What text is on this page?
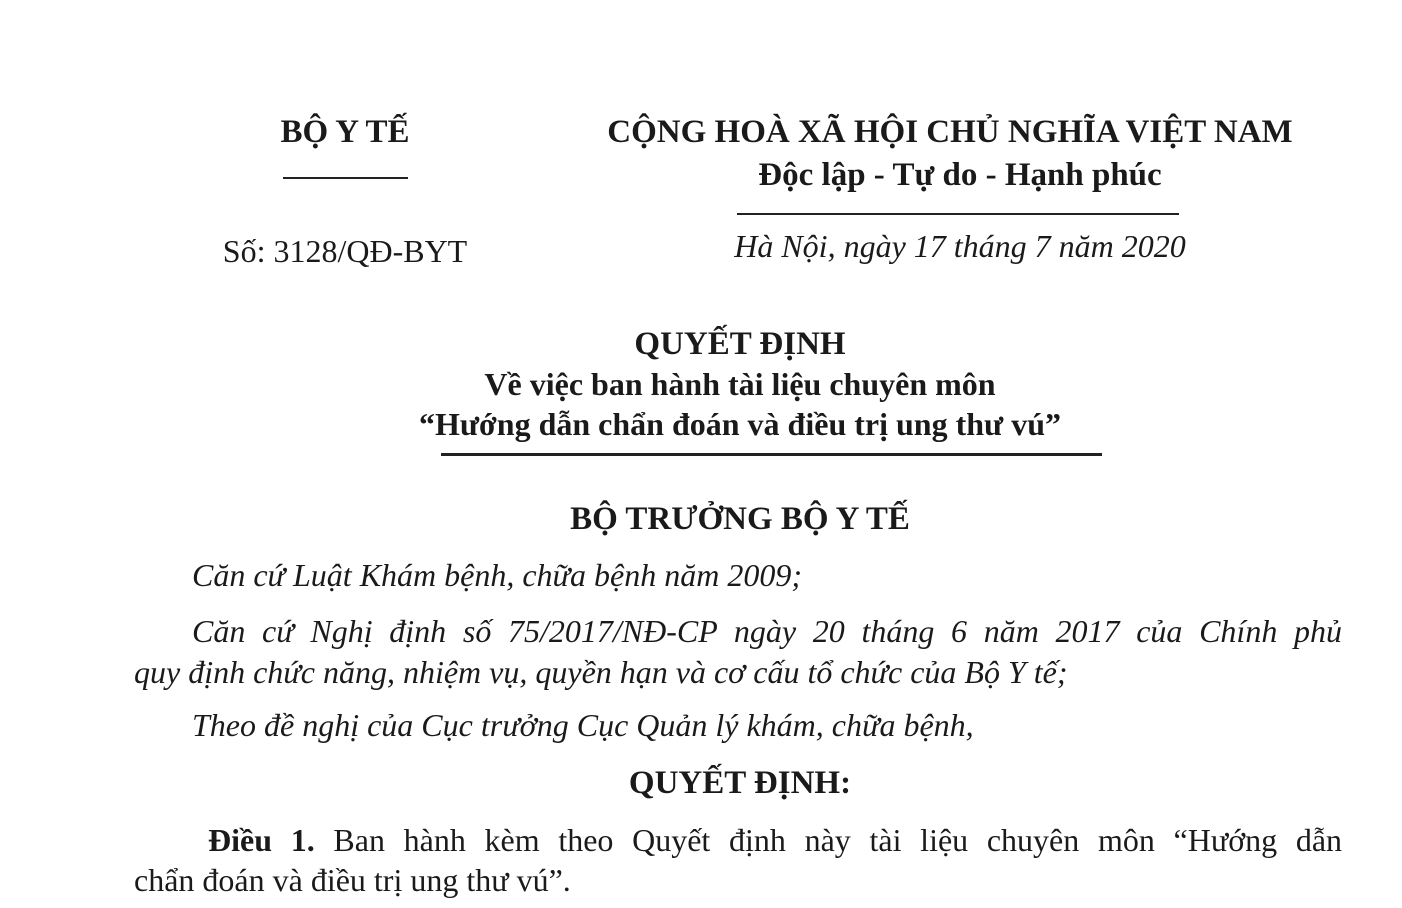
BỘ Y TẾ
Số: 3128/QĐ-BYT
CỘNG HOÀ XÃ HỘI CHỦ NGHĨA VIỆT NAM
Độc lập - Tự do - Hạnh phúc
Hà Nội, ngày 17 tháng 7 năm 2020
QUYẾT ĐỊNH
Về việc ban hành tài liệu chuyên môn
“Hướng dẫn chẩn đoán và điều trị ung thư vú”
BỘ TRƯỞNG BỘ Y TẾ
Căn cứ Luật Khám bệnh, chữa bệnh năm 2009;
Căn cứ Nghị định số 75/2017/NĐ-CP ngày 20 tháng 6 năm 2017 của Chính phủ
quy định chức năng, nhiệm vụ, quyền hạn và cơ cấu tổ chức của Bộ Y tế;
Theo đề nghị của Cục trưởng Cục Quản lý khám, chữa bệnh,
QUYẾT ĐỊNH:
Điều 1. Ban hành kèm theo Quyết định này tài liệu chuyên môn “Hướng dẫn
chẩn đoán và điều trị ung thư vú”.
